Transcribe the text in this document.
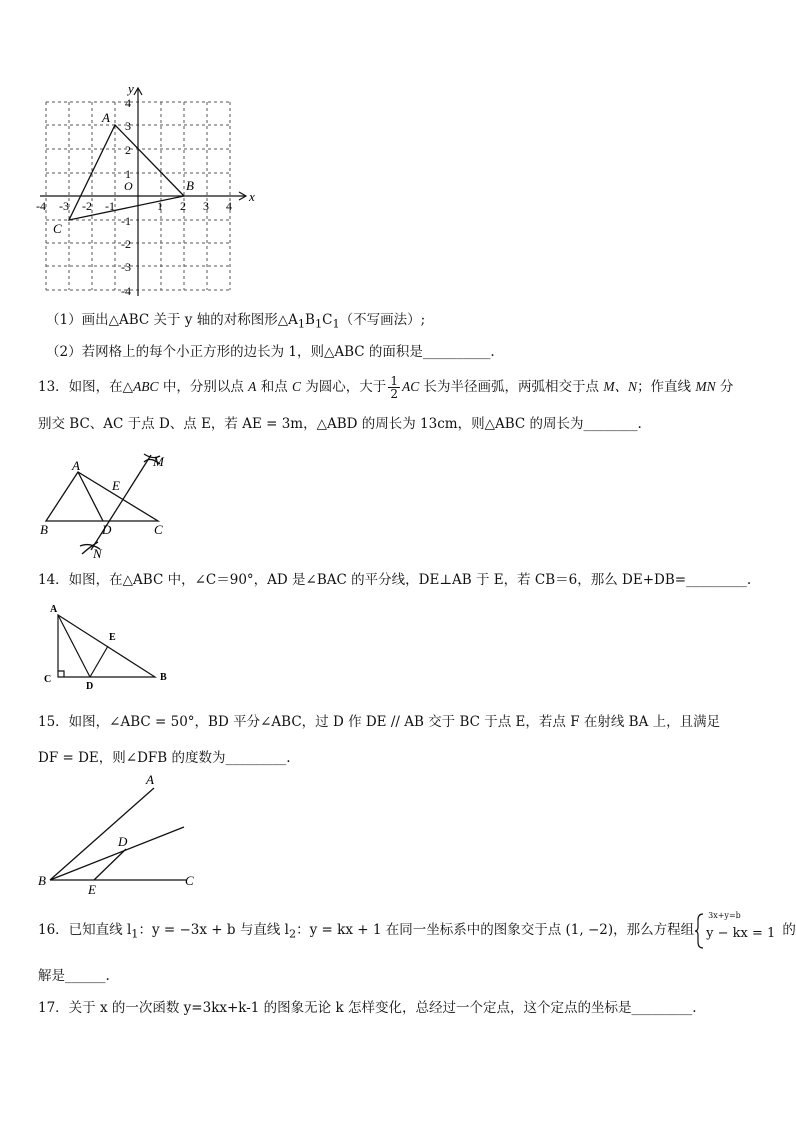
x
y
O
-4 -3 -2 -1	1 2 3 4
4
3
2
1
-1
-2
-3
-4
A
B
C
（1）画出△ABC 关于 y 轴的对称图形$\triangle A_1B_1C_1$（不写画法）;
（2）若网格上的每个小正方形的边长为 1，则△ABC 的面积是__________.
13．如图，在△ABC 中，分别以点 A 和点 C 为圆心，大于 $\frac{1}{2}$ AC 长为半径画弧，两弧相交于点 M、N；作直线 MN 分
别交 BC、AC 于点 D、点 E，若 AE = 3m，△ABD 的周长为 13cm，则△ABC 的周长为________.
A
B	C
D
E
M
N
14．如图，在△ABC 中，∠C＝90°，AD 是∠BAC 的平分线，DE⊥AB 于 E，若 CB＝6，那么 DE+DB=_________.
A
C
D
E
B
15．如图，∠ABC = 50°，BD 平分∠ABC，过 D 作 DE // AB 交于 BC 于点 E，若点 F 在射线 BA 上，且满足
DF = DE，则∠DFB 的度数为_________.
A
B	C
D
E
16．已知直线 $l_1$：y = −3x + b 与直线 $l_2$：y = kx + 1 在同一坐标系中的图象交于点 (1, −2)，那么方程组
3x+y=b
y − kx = 1 的
解是______.
17．关于 x 的一次函数 y=3kx+k-1 的图象无论 k 怎样变化，总经过一个定点，这个定点的坐标是_________.
